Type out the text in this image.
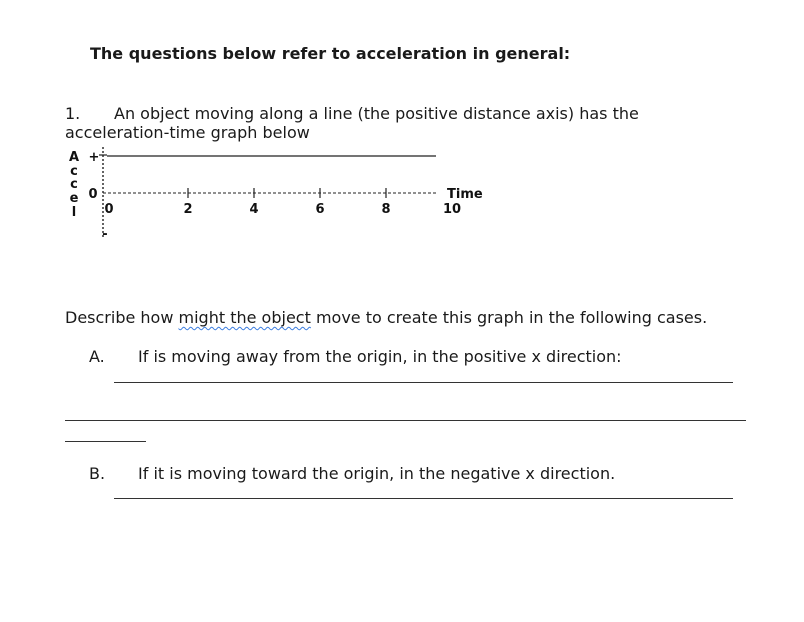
The questions below refer to acceleration in general:
1. An object moving along a line (the positive distance axis) has the
acceleration-time graph below
A
c
c
e
l
+
0
-
2	4	6	8	10
0
Time
Describe how might the object move to create this graph in the following cases.
A. If is moving away from the origin, in the positive x direction:
B. If it is moving toward the origin, in the negative x direction.
